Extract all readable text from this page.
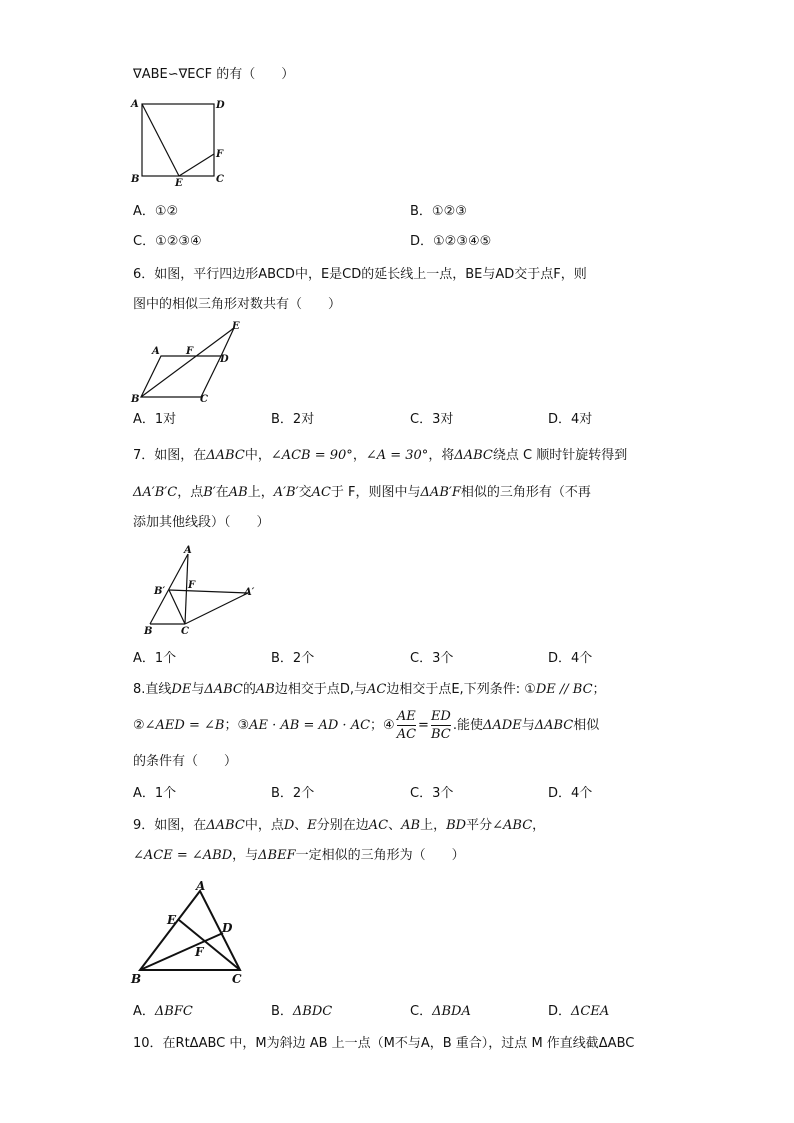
∇ABE∽∇ECF 的有（　　）
A	D
F
B	E	C
A．①②	B．①②③
C．①②③④	D．①②③④⑤
6．如图，平行四边形ABCD中，E是CD的延长线上一点，BE与AD交于点F，则
图中的相似三角形对数共有（　　）
A	F
D
E
B	C
A．1对	B．2对	C．3对	D．4对
7．如图，在ΔABC中，∠ACB = 90°，∠A = 30°，将ΔABC绕点 C 顺时针旋转得到
ΔA′B′C，点B′在AB上，A′B′交AC于 F，则图中与ΔAB′F相似的三角形有（不再
添加其他线段）（　　）
A
B′
F
A′
B	C
A．1个	B．2个	C．3个	D．4个
8.直线DE与ΔABC的AB边相交于点D,与AC边相交于点E,下列条件: ①DE // BC；
②∠AED = ∠B；③AE · AB = AD · AC；④ $\frac{AE}{AC} = \frac{ED}{BC}$ .能使ΔADE与ΔABC相似
的条件有（　　）
A．1个	B．2个	C．3个	D．4个
9．如图，在ΔABC中，点D、E分别在边AC、AB上，BD平分∠ABC，
∠ACE = ∠ABD，与ΔBEF一定相似的三角形为（　　）
A
E
D
F
B	C
A．ΔBFC	B．ΔBDC	C．ΔBDA	D．ΔCEA
10．在RtΔABC 中，M为斜边 AB 上一点（M不与A，B 重合），过点 M 作直线截ΔABC
